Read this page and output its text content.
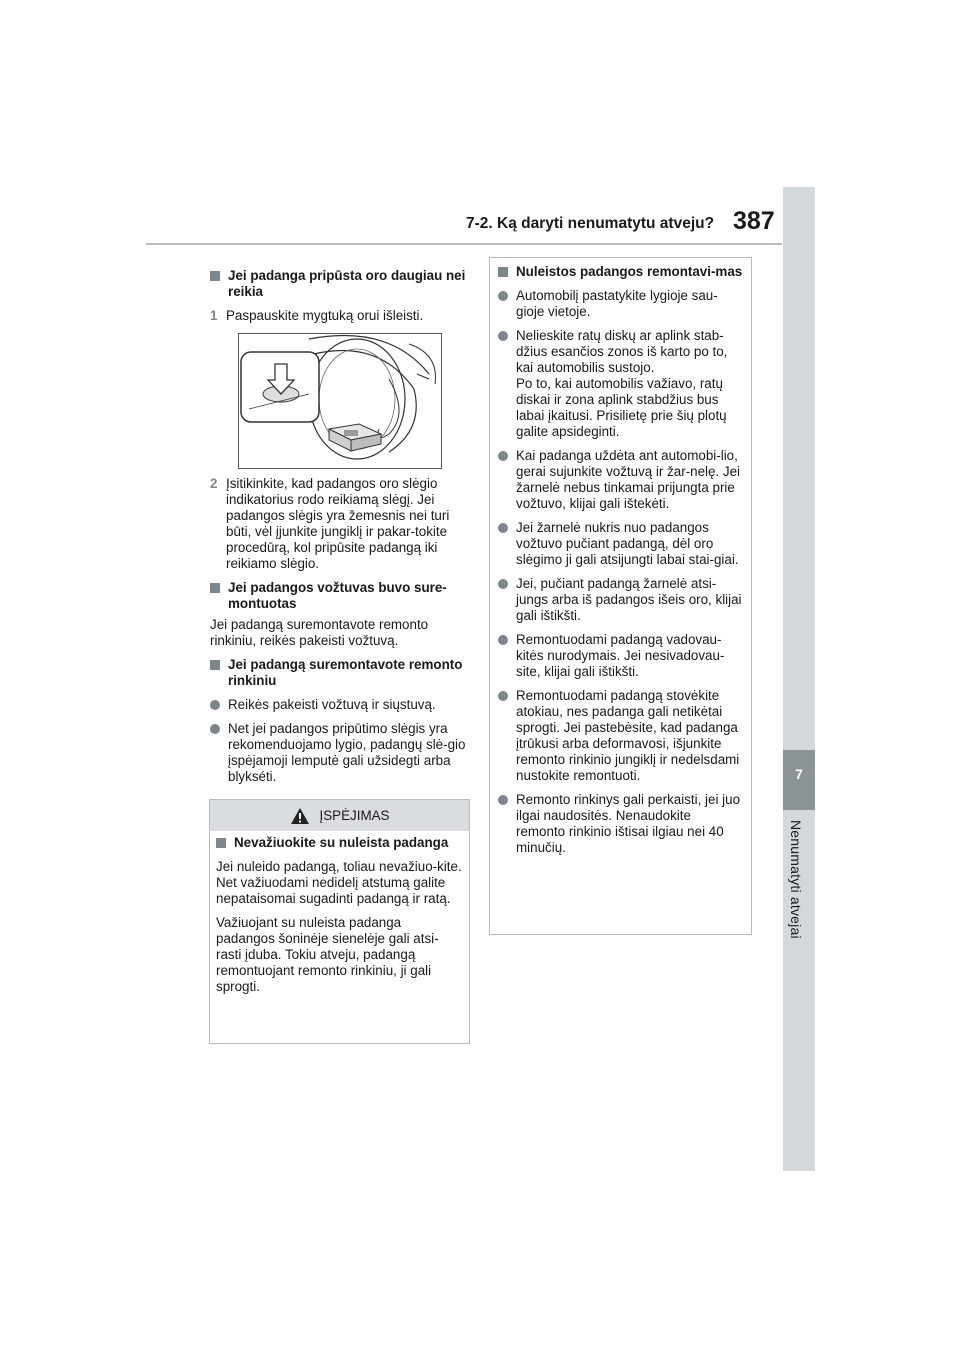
7-2. Ką daryti nenumatytu atveju? 387
7
Nenumatyti atvejai
Jei padanga pripūsta oro daugiau nei reikia
1 Paspauskite mygtuką orui išleisti.
2 Įsitikinkite, kad padangos oro slėgio indikatorius rodo reikiamą slėgį. Jei padangos slėgis yra žemesnis nei turi būti, vėl įjunkite jungiklį ir pakar-tokite procedūrą, kol pripūsite padangą iki reikiamo slėgio.
Jei padangos vožtuvas buvo sure-montuotas
Jei padangą suremontavote remonto rinkiniu, reikės pakeisti vožtuvą.
Jei padangą suremontavote remonto rinkiniu
Reikės pakeisti vožtuvą ir siųstuvą.
Net jei padangos pripūtimo slėgis yra rekomenduojamo lygio, padangų slė-gio įspėjamoji lemputė gali užsidegti arba blykséti.
ĮSPĖJIMAS
Nevažiuokite su nuleista padanga
Jei nuleido padangą, toliau nevažiuo-kite.
Net važiuodami nedidelį atstumą galite nepataisomai sugadinti padangą ir ratą.
Važiuojant su nuleista padanga padangos šoninėje sienelėje gali atsi-rasti įduba. Tokiu atveju, padangą remontuojant remonto rinkiniu, ji gali sprogti.
Nuleistos padangos remontavi-mas
Automobilį pastatykite lygioje sau-gioje vietoje.
Nelieskite ratų diskų ar aplink stab-džius esančios zonos iš karto po to, kai automobilis sustojo.
Po to, kai automobilis važiavo, ratų diskai ir zona aplink stabdžius bus labai įkaitusi. Prisilietę prie šių plotų galite apsideginti.
Kai padanga uždėta ant automobi-lio, gerai sujunkite vožtuvą ir žar-nelę. Jei žarnelė nebus tinkamai prijungta prie vožtuvo, klijai gali ištekėti.
Jei žarnelė nukris nuo padangos vožtuvo pučiant padangą, dėl oro slėgimo ji gali atsijungti labai stai-giai.
Jei, pučiant padangą žarnelė atsi-jungs arba iš padangos išeis oro, klijai gali ištikšti.
Remontuodami padangą vadovau-kitės nurodymais. Jei nesivadovau-site, klijai gali ištikšti.
Remontuodami padangą stovėkite atokiau, nes padanga gali netikėtai sprogti. Jei pastebėsite, kad padanga įtrūkusi arba deformavosi, išjunkite remonto rinkinio jungiklį ir nedelsdami nustokite remontuoti.
Remonto rinkinys gali perkaisti, jei juo ilgai naudositės. Nenaudokite remonto rinkinio ištisai ilgiau nei 40 minučių.
